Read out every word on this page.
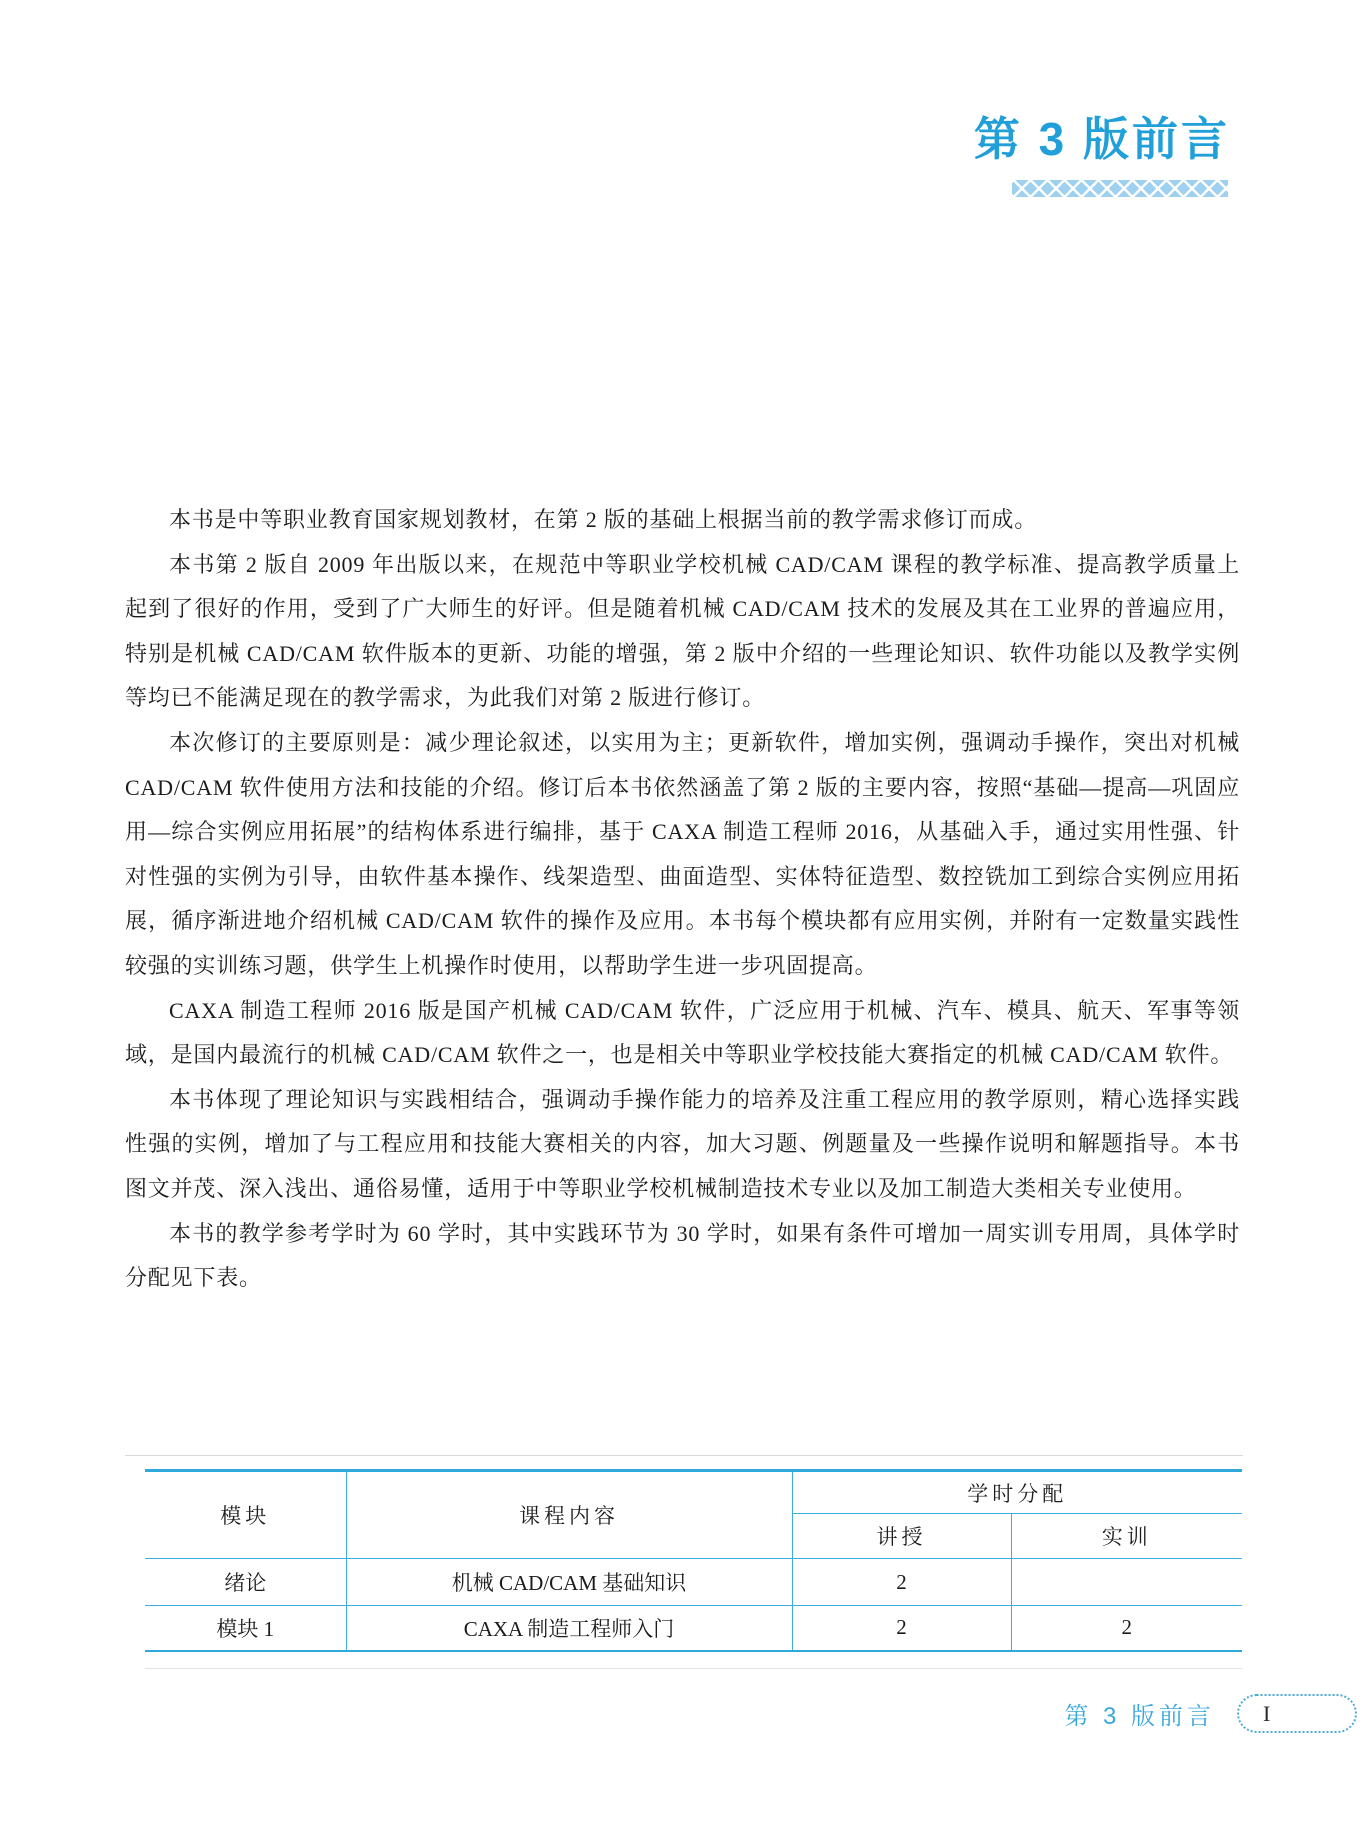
第 3 版前言

本书是中等职业教育国家规划教材，在第 2 版的基础上根据当前的教学需求修订而成。

本书第 2 版自 2009 年出版以来，在规范中等职业学校机械 CAD/CAM 课程的教学标准、提高教学质量上起到了很好的作用，受到了广大师生的好评。但是随着机械 CAD/CAM 技术的发展及其在工业界的普遍应用，特别是机械 CAD/CAM 软件版本的更新、功能的增强，第 2 版中介绍的一些理论知识、软件功能以及教学实例等均已不能满足现在的教学需求，为此我们对第 2 版进行修订。

本次修订的主要原则是：减少理论叙述，以实用为主；更新软件，增加实例，强调动手操作，突出对机械 CAD/CAM 软件使用方法和技能的介绍。修订后本书依然涵盖了第 2 版的主要内容，按照“基础—提高—巩固应用—综合实例应用拓展”的结构体系进行编排，基于 CAXA 制造工程师 2016，从基础入手，通过实用性强、针对性强的实例为引导，由软件基本操作、线架造型、曲面造型、实体特征造型、数控铣加工到综合实例应用拓展，循序渐进地介绍机械 CAD/CAM 软件的操作及应用。本书每个模块都有应用实例，并附有一定数量实践性较强的实训练习题，供学生上机操作时使用，以帮助学生进一步巩固提高。

CAXA 制造工程师 2016 版是国产机械 CAD/CAM 软件，广泛应用于机械、汽车、模具、航天、军事等领域，是国内最流行的机械 CAD/CAM 软件之一，也是相关中等职业学校技能大赛指定的机械 CAD/CAM 软件。

本书体现了理论知识与实践相结合，强调动手操作能力的培养及注重工程应用的教学原则，精心选择实践性强的实例，增加了与工程应用和技能大赛相关的内容，加大习题、例题量及一些操作说明和解题指导。本书图文并茂、深入浅出、通俗易懂，适用于中等职业学校机械制造技术专业以及加工制造大类相关专业使用。

本书的教学参考学时为 60 学时，其中实践环节为 30 学时，如果有条件可增加一周实训专用周，具体学时分配见下表。

模块	课程内容	学时分配	
		讲授	实训
绪论	机械 CAD/CAM 基础知识	2	
模块 1	CAXA 制造工程师入门	2	2
第 3 版前言 I
